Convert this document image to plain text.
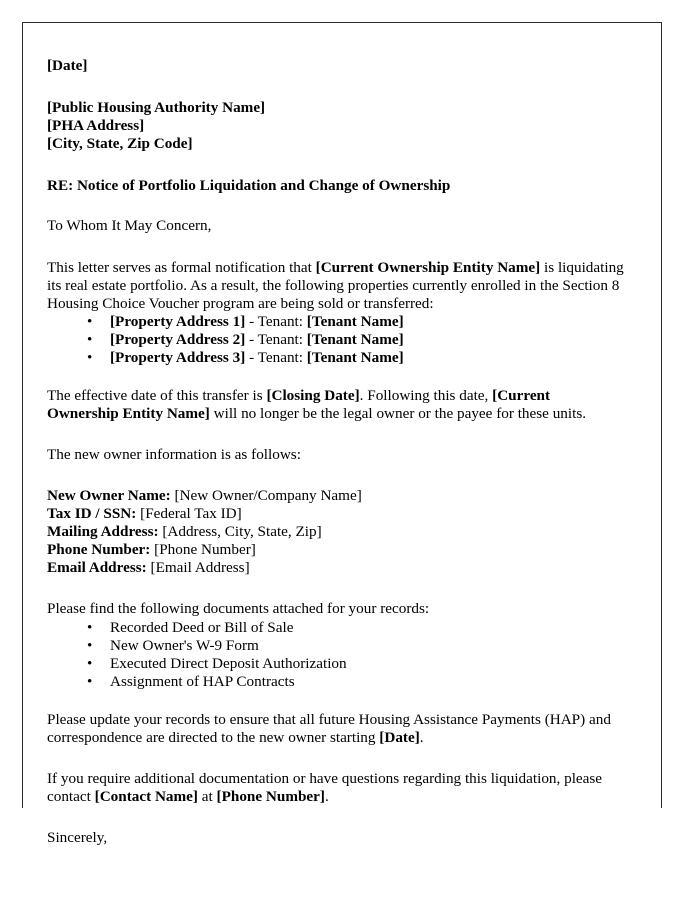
[Date]

[Public Housing Authority Name]
[PHA Address]
[City, State, Zip Code]

RE: Notice of Portfolio Liquidation and Change of Ownership

To Whom It May Concern,

This letter serves as formal notification that [Current Ownership Entity Name] is liquidating its real estate portfolio. As a result, the following properties currently enrolled in the Section 8 Housing Choice Voucher program are being sold or transferred:

• [Property Address 1] - Tenant: [Tenant Name]
• [Property Address 2] - Tenant: [Tenant Name]
• [Property Address 3] - Tenant: [Tenant Name]

The effective date of this transfer is [Closing Date]. Following this date, [Current Ownership Entity Name] will no longer be the legal owner or the payee for these units.

The new owner information is as follows:

New Owner Name: [New Owner/Company Name]
Tax ID / SSN: [Federal Tax ID]
Mailing Address: [Address, City, State, Zip]
Phone Number: [Phone Number]
Email Address: [Email Address]

Please find the following documents attached for your records:

• Recorded Deed or Bill of Sale
• New Owner's W-9 Form
• Executed Direct Deposit Authorization
• Assignment of HAP Contracts

Please update your records to ensure that all future Housing Assistance Payments (HAP) and correspondence are directed to the new owner starting [Date].

If you require additional documentation or have questions regarding this liquidation, please contact [Contact Name] at [Phone Number].

Sincerely,
